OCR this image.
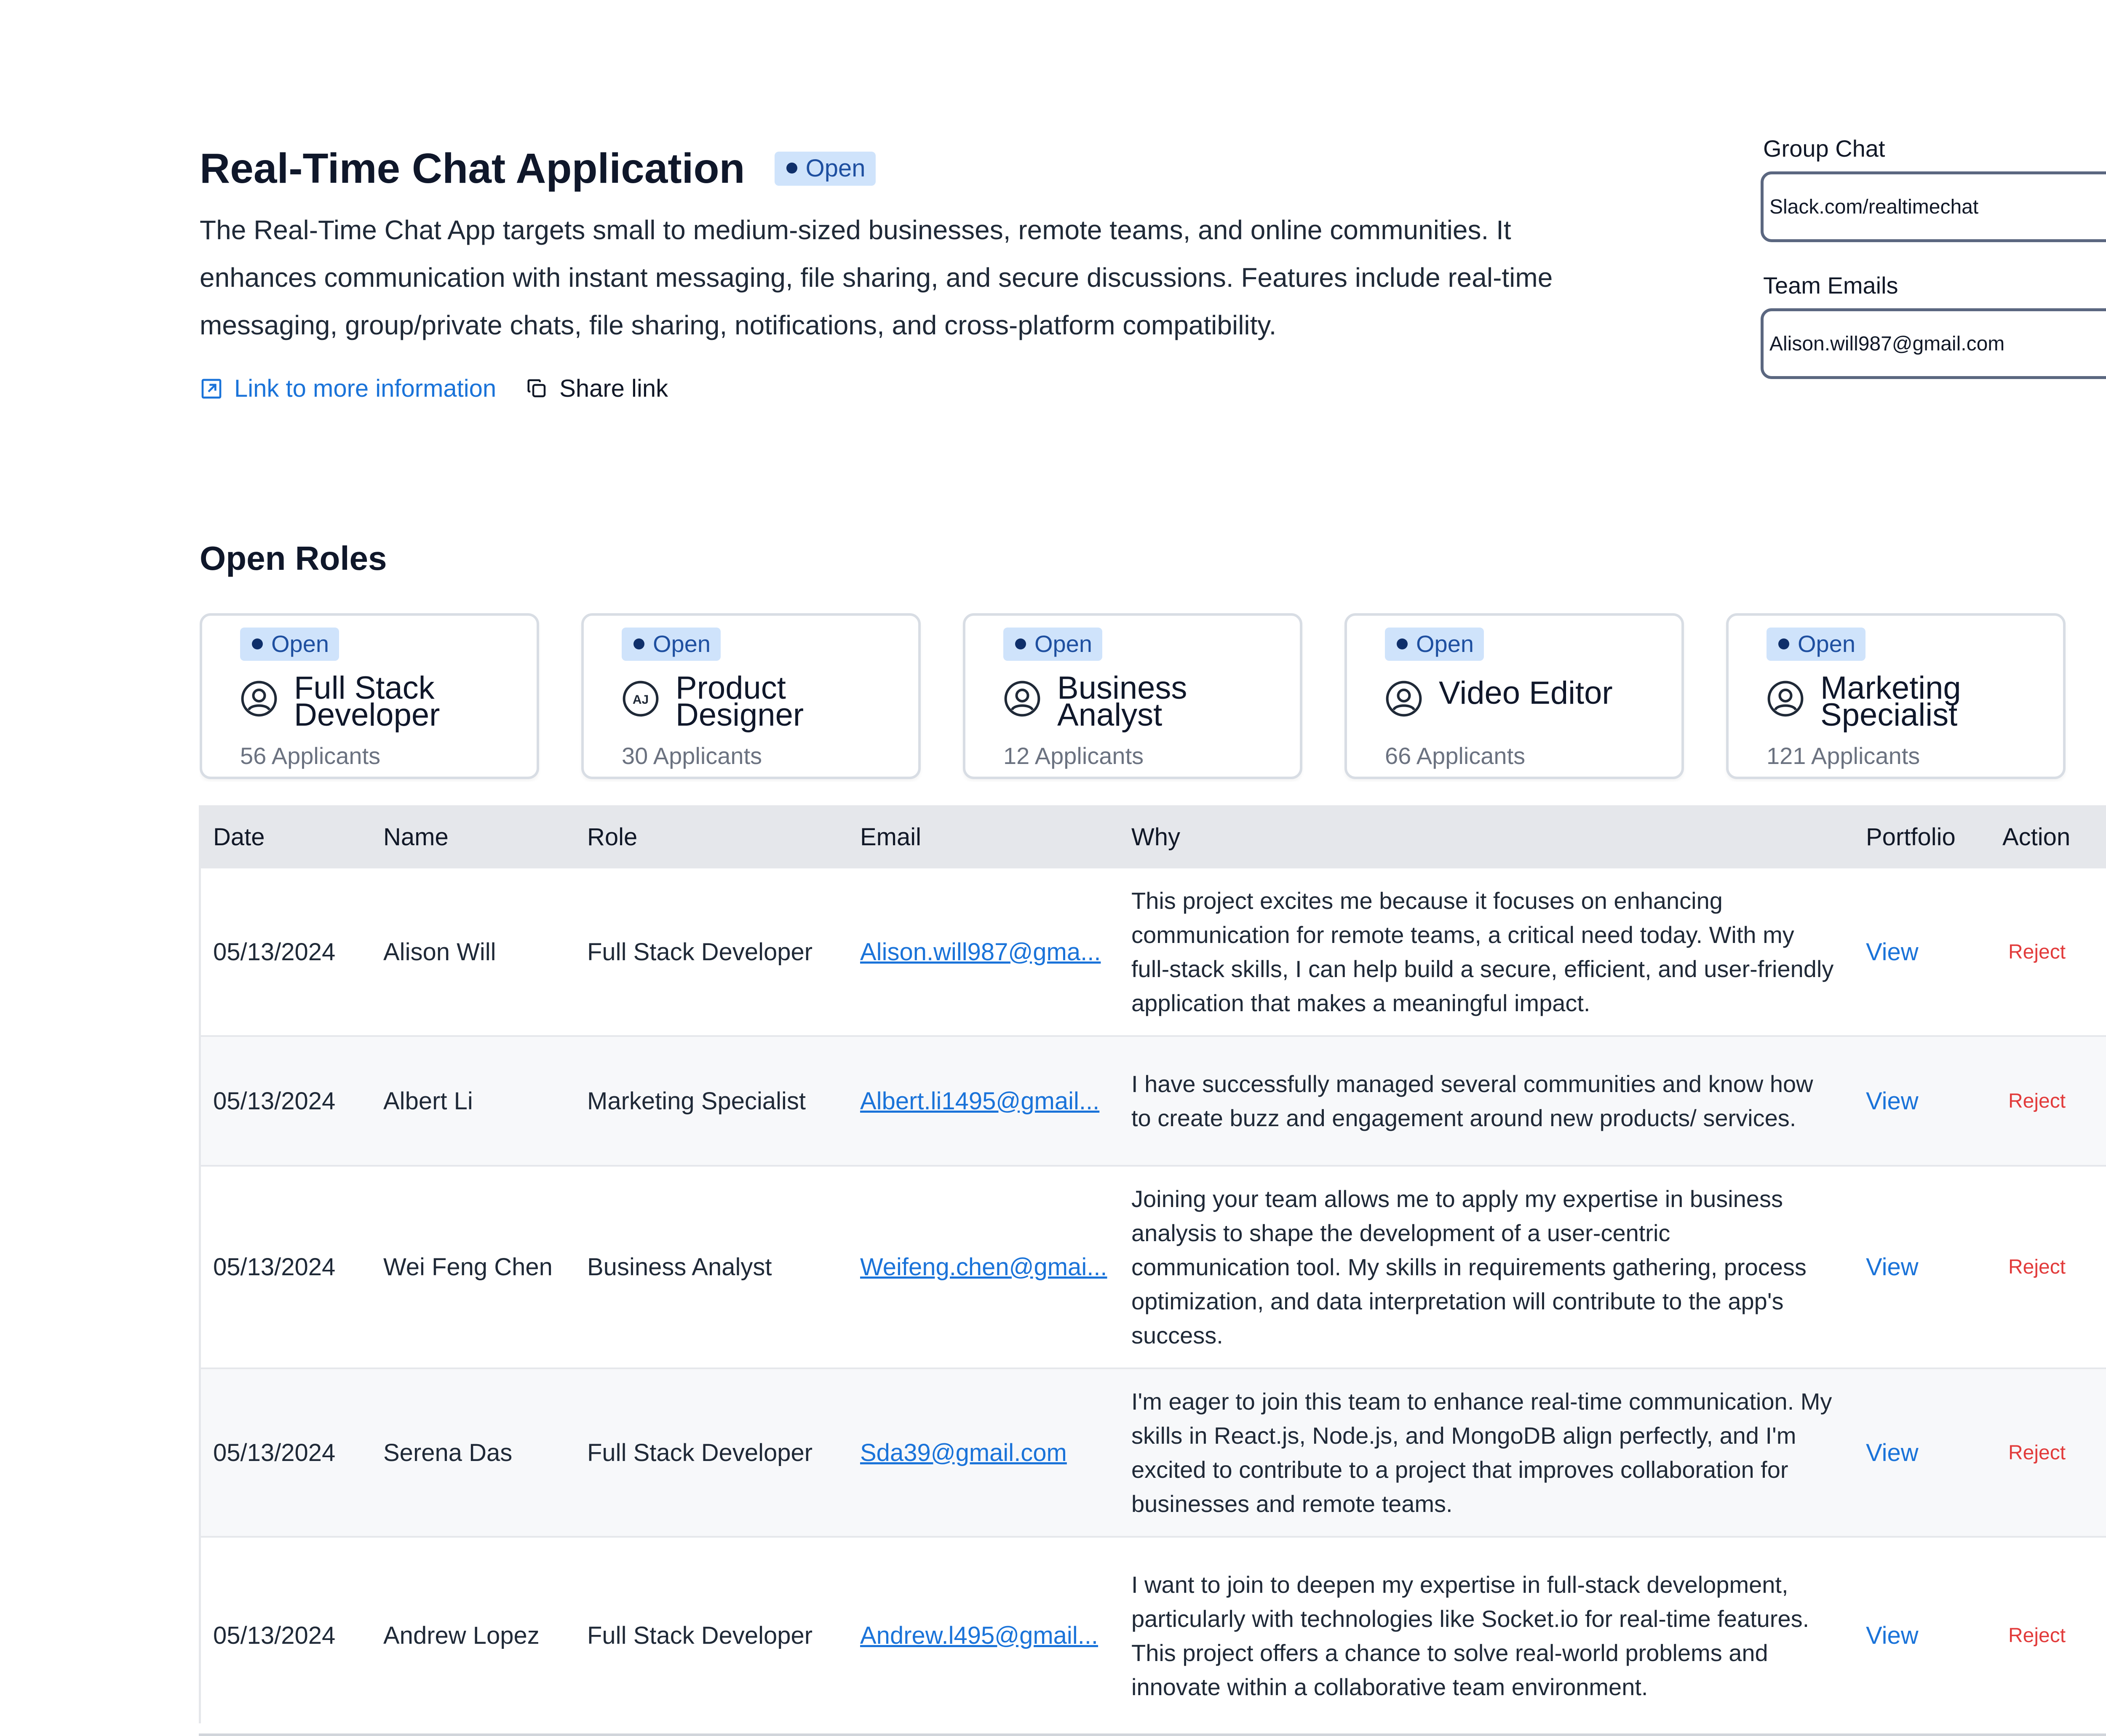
Real-Time Chat Application Open
The Real-Time Chat App targets small to medium-sized businesses, remote teams, and online communities. It enhances communication with instant messaging, file sharing, and secure discussions. Features include real-time messaging, group/private chats, file sharing, notifications, and cross-platform compatibility.
Link to more information	Share link
Group Chat
Slack.com/realtimechat
Team Emails
Alison.will987@gmail.com
Open Roles
Open
Full Stack Developer
56 Applicants
Open
AJ Product Designer
30 Applicants
Open
Business Analyst
12 Applicants
Open
Video Editor
66 Applicants
Open
Marketing Specialist
121 Applicants
Date	Name	Role	Email	Why	Portfolio	Action
05/13/2024	Alison Will	Full Stack Developer	Alison.will987@gma...	This project excites me because it focuses on enhancing communication for remote teams, a critical need today. With my full-stack skills, I can help build a secure, efficient, and user-friendly application that makes a meaningful impact.	View	Reject
05/13/2024	Albert Li	Marketing Specialist	Albert.li1495@gmail...	I have successfully managed several communities and know how to create buzz and engagement around new products/ services.	View	Reject
05/13/2024	Wei Feng Chen	Business Analyst	Weifeng.chen@gmai...	Joining your team allows me to apply my expertise in business analysis to shape the development of a user-centric communication tool. My skills in requirements gathering, process optimization, and data interpretation will contribute to the app's success.	View	Reject
05/13/2024	Serena Das	Full Stack Developer	Sda39@gmail.com	I'm eager to join this team to enhance real-time communication. My skills in React.js, Node.js, and MongoDB align perfectly, and I'm excited to contribute to a project that improves collaboration for businesses and remote teams.	View	Reject
05/13/2024	Andrew Lopez	Full Stack Developer	Andrew.l495@gmail...	I want to join to deepen my expertise in full-stack development, particularly with technologies like Socket.io for real-time features. This project offers a chance to solve real-world problems and innovate within a collaborative team environment.	View	Reject
